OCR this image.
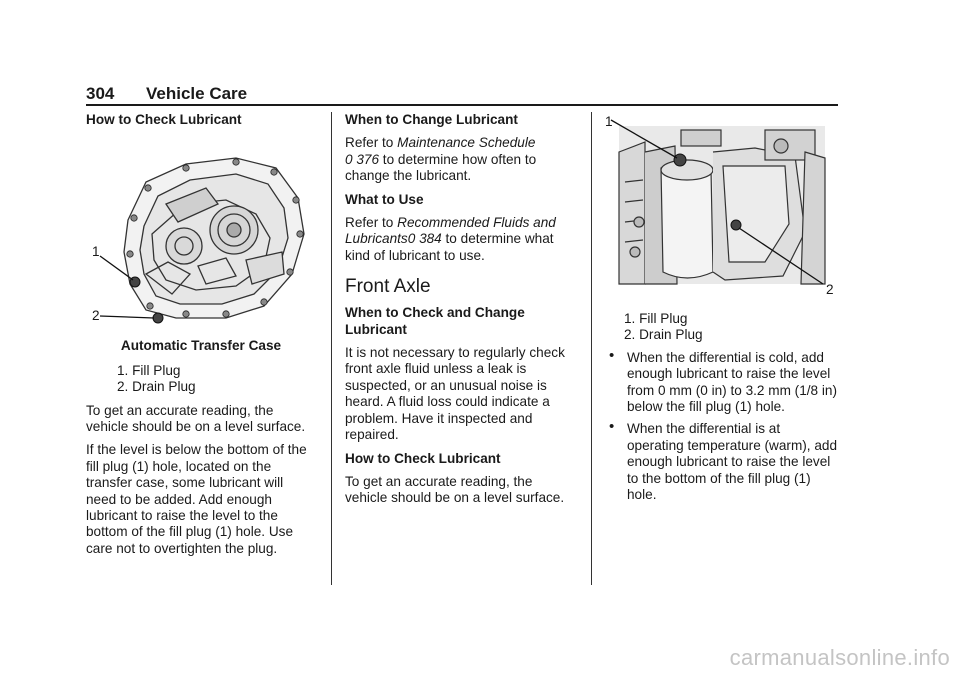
304 Vehicle Care
How to Check Lubricant
1
2
Automatic Transfer Case
1. Fill Plug
2. Drain Plug
To get an accurate reading, the vehicle should be on a level surface.
If the level is below the bottom of the fill plug (1) hole, located on the transfer case, some lubricant will need to be added. Add enough lubricant to raise the level to the bottom of the fill plug (1) hole. Use care not to overtighten the plug.
When to Change Lubricant
Refer to Maintenance Schedule
0 376 to determine how often to change the lubricant.
What to Use
Refer to Recommended Fluids and Lubricants0 384 to determine what kind of lubricant to use.
Front Axle
When to Check and Change Lubricant
It is not necessary to regularly check front axle fluid unless a leak is suspected, or an unusual noise is heard. A fluid loss could indicate a problem. Have it inspected and repaired.
How to Check Lubricant
To get an accurate reading, the vehicle should be on a level surface.
1
2
1. Fill Plug
2. Drain Plug
• When the differential is cold, add enough lubricant to raise the level from 0 mm (0 in) to 3.2 mm (1/8 in) below the fill plug (1) hole.
• When the differential is at operating temperature (warm), add enough lubricant to raise the level to the bottom of the fill plug (1) hole.
carmanualsonline.info
